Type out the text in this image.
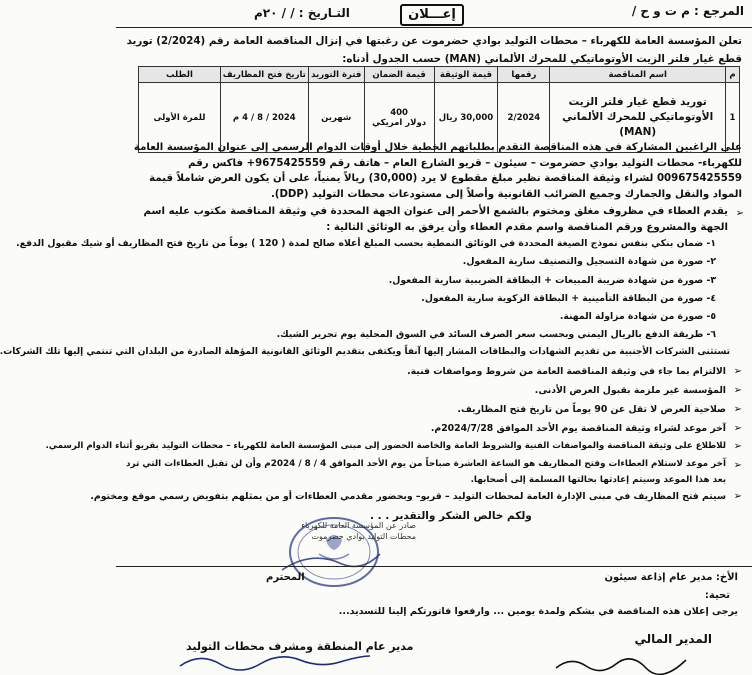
المرجع : م ت و ح /
إعـــلان
التـاريخ : / / ٢٠م
تعلن المؤسسة العامة للكهرباء – محطات التوليد بوادي حضرموت عن رغبتها في إنزال المناقصة العامة رقم (2/2024) توريد قطع غيار فلتر الزيت الأوتوماتيكي للمحرك الألماني (MAN) حسب الجدول أدناه:
م	اسم المناقصة	رقمها	قيمة الوثيقة	قيمة الضمان	فترة التوريد	تاريخ فتح المظاريف	الطلب
1	توريد قطع غيار فلتر الزيت الأوتوماتيكي للمحرك الألماني (MAN)	2/2024	30,000 ريال	400
دولار امريكي	شهرين	2024 / 8 / 4 م	للمرة الأولى
على الراغبين المشاركة في هذه المناقصة التقدم بطلباتهم الخطية خلال أوقات الدوام الرسمي إلى عنوان المؤسسة العامة للكهرباء- محطات التوليد بوادي حضرموت – سيئون – قريو الشارع العام – هاتف رقم 9675425559+ فاكس رقم 009675425559 لشراء وثيقة المناقصة نظير مبلغ مقطوع لا يرد (30,000) ريالاً يمنياً، على أن يكون العرض شاملاً قيمة المواد والنقل والجمارك وجميع الضرائب القانونية وأصلاً إلى مستودعات محطات التوليد (DDP).
➢
يقدم العطاء في مظروف مغلق ومختوم بالشمع الأحمر إلى عنوان الجهة المحددة في وثيقة المناقصة مكتوب عليه اسم الجهة والمشروع ورقم المناقصة واسم مقدم العطاء وأن يرفق به الوثائق التالية :
١- ضمان بنكي بنفس نموذج الصيغة المحددة في الوثائق النمطية بحسب المبلغ أعلاه صالح لمدة ( 120 ) يوماً من تاريخ فتح المظاريف أو شيك مقبول الدفع.
٢- صورة من شهادة التسجيل والتصنيف سارية المفعول.
٣- صورة من شهادة ضريبة المبيعات + البطاقة الضريبية سارية المفعول.
٤- صورة من البطاقة التأمينية + البطاقة الزكوية سارية المفعول.
٥- صورة من شهادة مزاولة المهنة.
٦- طريقة الدفع بالريال اليمني وبحسب سعر الصرف السائد في السوق المحلية يوم تحرير الشيك.
تستثنى الشركات الأجنبية من تقديم الشهادات والبطاقات المشار إليها آنفاً ويكتفى بتقديم الوثائق القانونية المؤهلة الصادرة من البلدان التي تنتمي إليها تلك الشركات.
➢
الالتزام بما جاء في وثيقة المناقصة العامة من شروط ومواصفات فنية.
➢
المؤسسة غير ملزمة بقبول العرض الأدنى.
➢
صلاحية العرض لا تقل عن 90 يوماً من تاريخ فتح المظاريف.
➢
آخر موعد لشراء وثيقة المناقصة يوم الأحد الموافق 2024/7/28م.
➢
للاطلاع على وثيقة المناقصة والمواصفات الفنية والشروط العامة والخاصة الحضور إلى مبنى المؤسسة العامة للكهرباء – محطات التوليد بقريو أثناء الدوام الرسمي.
➢
آخر موعد لاستلام العطاءات وفتح المظاريف هو الساعة العاشرة صباحاً من يوم الأحد الموافق 4 / 8 / 2024م وأن لن تقبل العطاءات التي ترد بعد هذا الموعد وسيتم إعادتها بحالتها المسلمة إلى أصحابها.
➢
سيتم فتح المظاريف في مبنى الإدارة العامة لمحطات التوليد – قريو– وبحضور مقدمي العطاءات أو من يمثلهم بتفويض رسمي موقع ومختوم.
ولكم خالص الشكر والتقدير . . .
صادر عن المؤسسة العامة للكهرباء
محطات التوليد بوادي حضرموت
الأخ: مدير عام إذاعة سيئون
المحترم
تحية:
يرجى إعلان هذه المناقصة في بشكم ولمدة يومين ... وارفعوا فاتورتكم إلينا للتسديد...
المدير المالي
مدير عام المنطقة ومشرف محطات التوليد
